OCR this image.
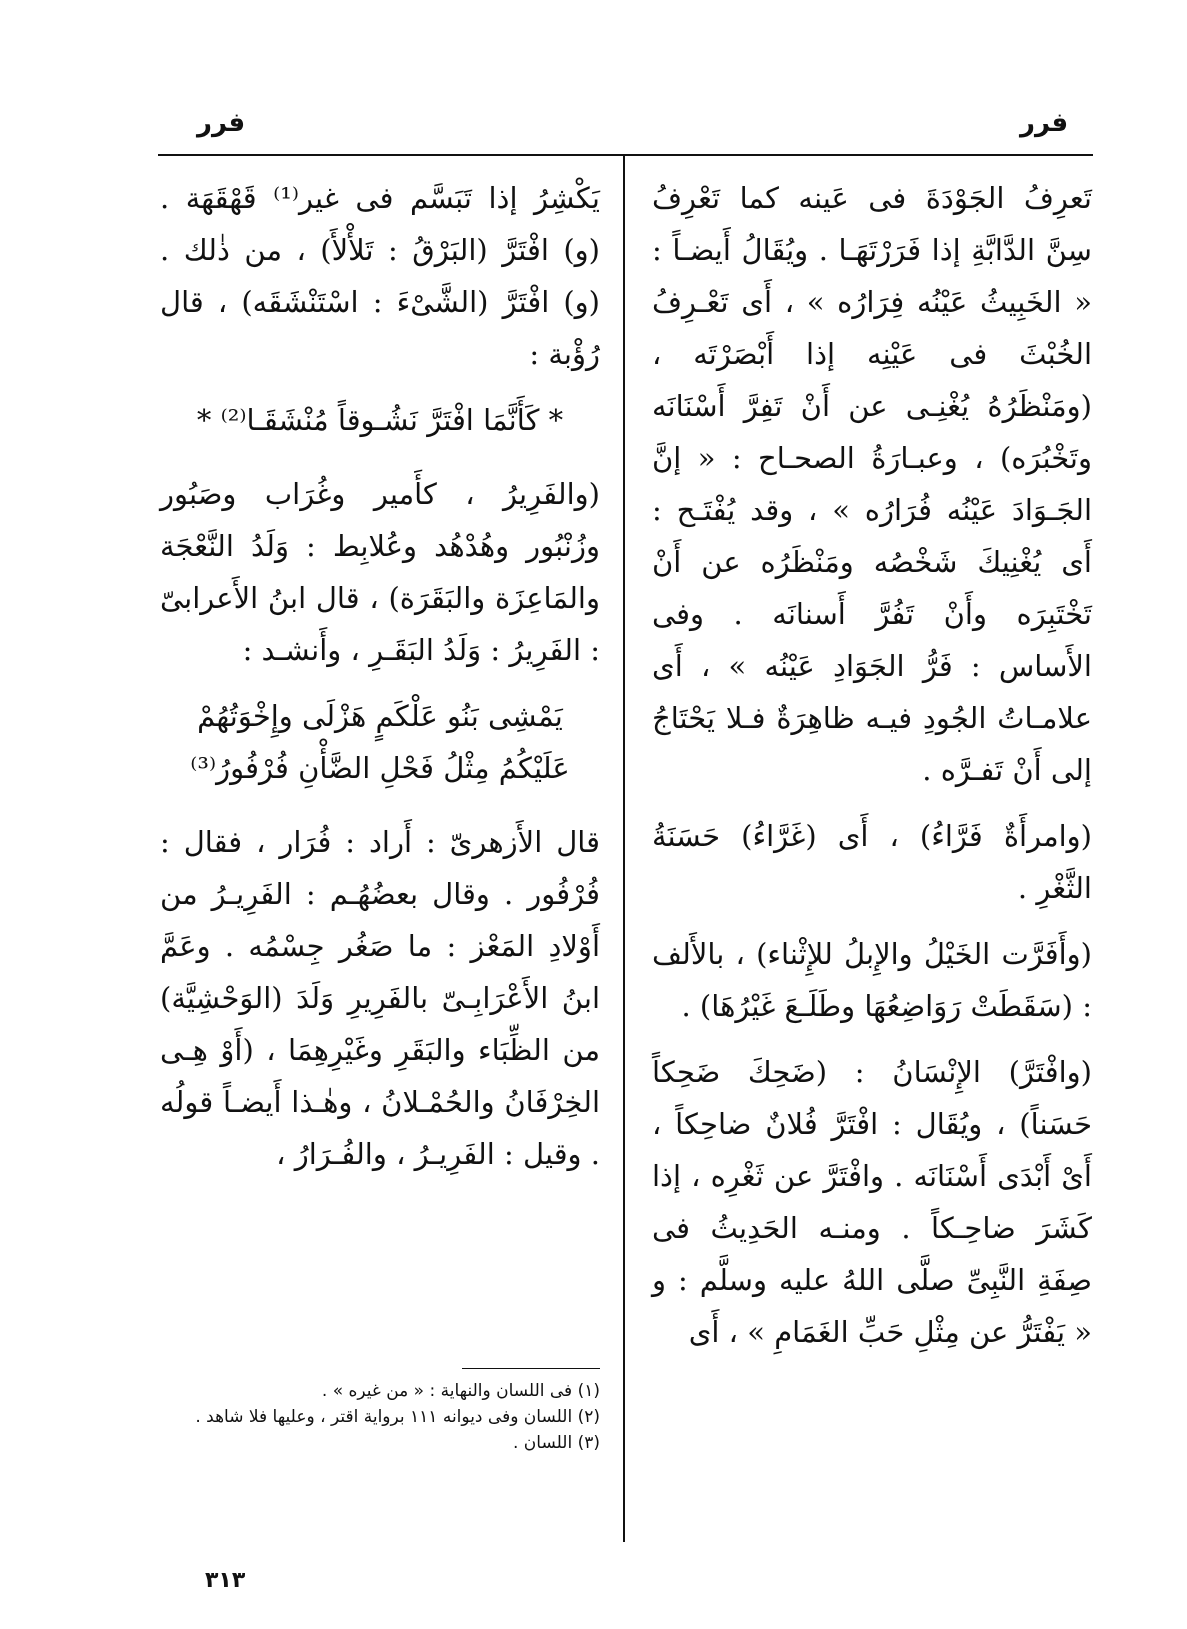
فرر
فرر

تَعرِفُ الجَوْدَةَ فى عَينه كما تَعْرِفُ سِنَّ الدَّابَّةِ إذا فَرَرْتَهَـا . ويُقَالُ أَيضـاً : « الخَبِيثُ عَيْنُه فِرَارُه » ، أَى تَعْـرِفُ الخُبْثَ فى عَيْنِه إذا أَبْصَرْتَه ، (ومَنْظَرُهُ يُغْنِـى عن أَنْ تَفِرَّ أَسْنَانَه وتَخْبُرَه) ، وعبـارَةُ الصحـاح : « إنَّ الجَـوَادَ عَيْنُه فُرَارُه » ، وقد يُفْتَـح : أَى يُغْنِيكَ شَخْصُه ومَنْظَرُه عن أَنْ تَخْتَبِرَه وأَنْ تَفُرَّ أَسنانَه . وفى الأَساس : فَرُّ الجَوَادِ عَيْنُه » ، أَى علامـاتُ الجُودِ فيـه ظاهِرَةٌ فـلا يَحْتَاجُ إلى أَنْ تَفـرَّه .

(وامرأَةٌ فَرَّاءُ) ، أَى (غَرَّاءُ) حَسَنَةُ الثَّغْرِ .

(وأَفَرَّت الخَيْلُ والإِبلُ للإِثْناء) ، بالأَلف : (سَقَطَتْ رَوَاضِعُهَا وطَلَـعَ غَيْرُهَا) .

(وافْتَرَّ) الإِنْسَانُ : (ضَحِكَ ضَحِكاً حَسَناً) ، ويُقَال : افْتَرَّ فُلانٌ ضاحِكاً ، أَىْ أَبْدَى أَسْنَانَه . وافْتَرَّ عن ثَغْرِه ، إذا كَشَرَ ضاحِـكاً . ومنـه الحَدِيثُ فى صِفَةِ النَّبِىِّ صلَّى اللهُ عليه وسلَّم : و « يَفْتَرُّ عن مِثْلِ حَبِّ الغَمَامِ » ، أَى

يَكْشِرُ إذا تَبَسَّم فى غير⁽¹⁾ قَهْقَهَة . (و) افْتَرَّ (البَرْقُ : تَلأْلأَ) ، من ذٰلك . (و) افْتَرَّ (الشَّىْءَ : اسْتَنْشَقَه) ، قال رُؤْبة :

* كَأَنَّمَا افْتَرَّ نَشُـوقاً مُنْشَقَـا⁽²⁾ *

(والفَرِيرُ ، كأَمير وغُرَاب وصَبُور وزُنْبُور وهُدْهُد وعُلابِط : وَلَدُ النَّعْجَة والمَاعِزَة والبَقَرَة) ، قال ابنُ الأَعرابىّ : الفَرِيرُ : وَلَدُ البَقَـرِ ، وأَنشـد :

يَمْشِى بَنُو عَلْكَمٍ هَزْلَى وإِخْوَتُهُمْ
عَلَيْكُمُ مِثْلُ فَحْلِ الضَّأْنِ فُرْفُورُ⁽³⁾

قال الأَزهرىّ : أَراد : فُرَار ، فقال : فُرْفُور . وقال بعضُهُـم : الفَرِيـرُ من أَوْلادِ المَعْز : ما صَغُر جِسْمُه . وعَمَّ ابنُ الأَعْرَابِـىّ بالفَرِيرِ وَلَدَ (الوَحْشِيَّة) من الظِّبَاء والبَقَرِ وغَيْرِهِمَا ، (أَوْ هِـى الخِرْفَانُ والحُمْـلانُ ، وهٰـذا أَيضـاً قولُه . وقيل : الفَرِيـرُ ، والفُـرَارُ ،

(١) فى اللسان والنهاية : « من غيره » .
(٢) اللسان وفى ديوانه ١١١ برواية اقتر ، وعليها فلا شاهد .
(٣) اللسان .
٣١٣
